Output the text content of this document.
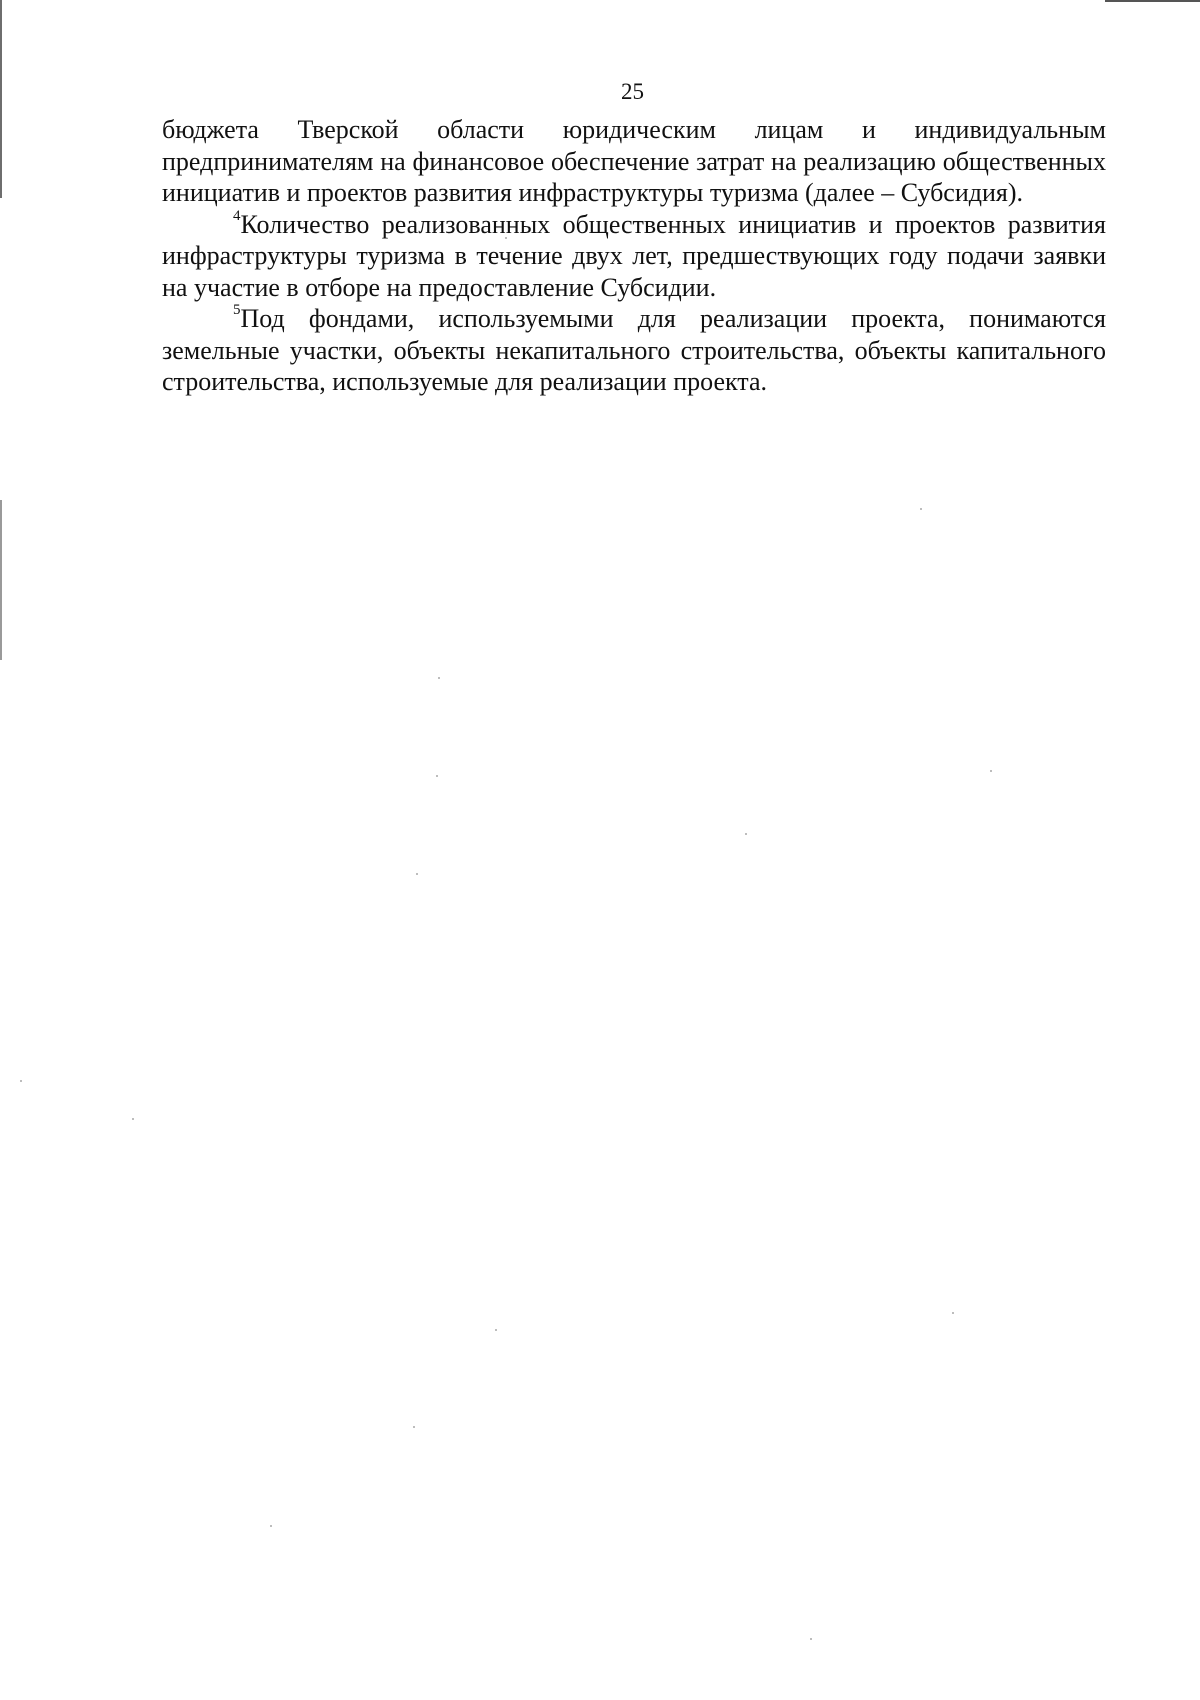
25

бюджета Тверской области юридическим лицам и индивидуальным предпринимателям на финансовое обеспечение затрат на реализацию общественных инициатив и проектов развития инфраструктуры туризма (далее – Субсидия).

$^4$Количество реализованных общественных инициатив и проектов развития инфраструктуры туризма в течение двух лет, предшествующих году подачи заявки на участие в отборе на предоставление Субсидии.

$^5$Под фондами, используемыми для реализации проекта, понимаются земельные участки, объекты некапитального строительства, объекты капитального строительства, используемые для реализации проекта.
